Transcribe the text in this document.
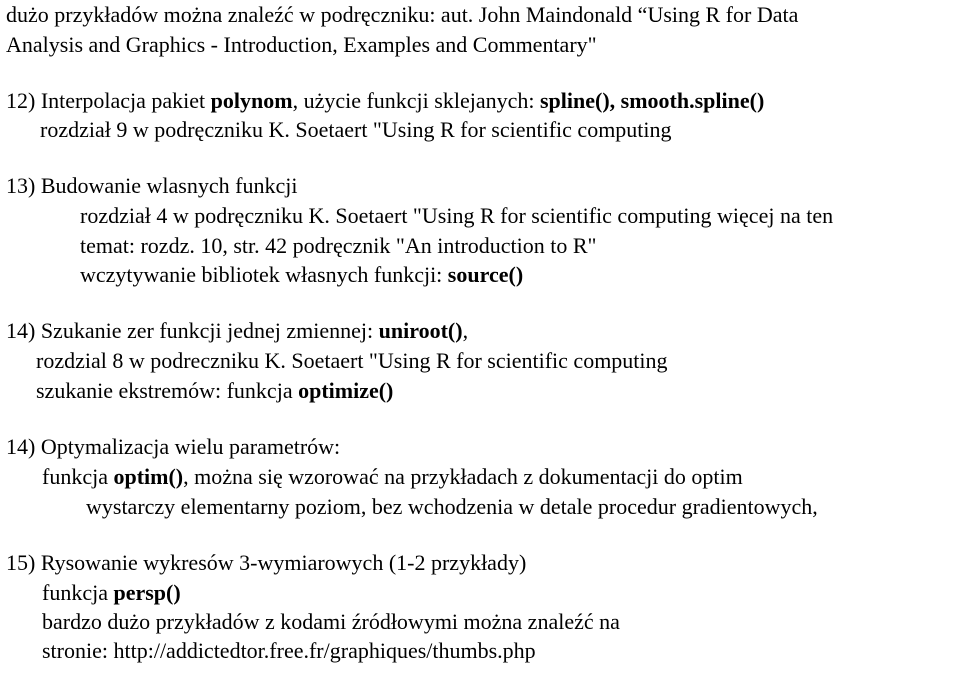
dużo przykładów można znaleźć w podręczniku: aut. John Maindonald “Using R for Data
Analysis and Graphics - Introduction, Examples and Commentary"
12) Interpolacja pakiet polynom, użycie funkcji sklejanych: spline(), smooth.spline()
rozdział 9 w podręczniku K. Soetaert "Using R for scientific computing
13) Budowanie wlasnych funkcji
rozdział 4 w podręczniku K. Soetaert "Using R for scientific computing więcej na ten
temat: rozdz. 10, str. 42 podręcznik "An introduction to R"
wczytywanie bibliotek własnych funkcji: source()
14) Szukanie zer funkcji jednej zmiennej: uniroot(),
rozdzial 8 w podreczniku K. Soetaert "Using R for scientific computing
szukanie ekstremów: funkcja optimize()
14) Optymalizacja wielu parametrów:
funkcja optim(), można się wzorować na przykładach z dokumentacji do optim
wystarczy elementarny poziom, bez wchodzenia w detale procedur gradientowych,
15) Rysowanie wykresów 3-wymiarowych (1-2 przykłady)
funkcja persp()
bardzo dużo przykładów z kodami źródłowymi można znaleźć na
stronie: http://addictedtor.free.fr/graphiques/thumbs.php
